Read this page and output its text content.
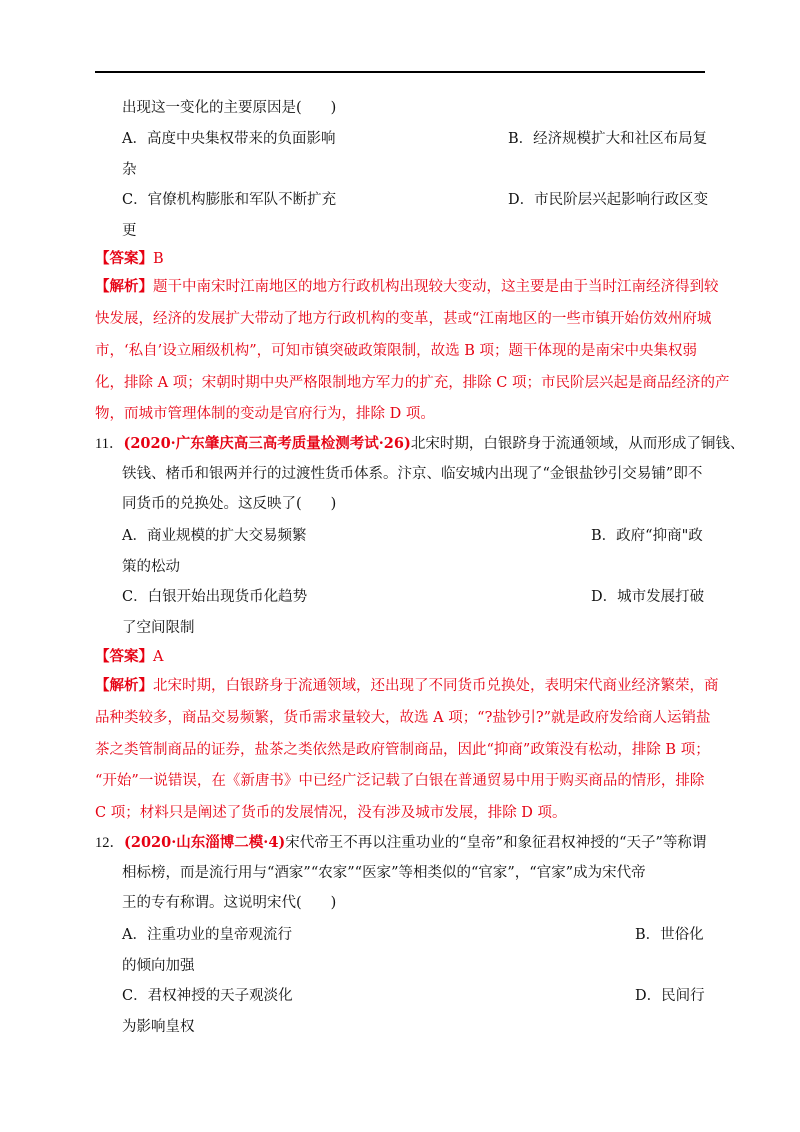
出现这一变化的主要原因是(　　)
A．高度中央集权带来的负面影响	B．经济规模扩大和社区布局复
杂
C．官僚机构膨胀和军队不断扩充	D．市民阶层兴起影响行政区变
更
【答案】B
【解析】题干中南宋时江南地区的地方行政机构出现较大变动，这主要是由于当时江南经济得到较
快发展，经济的发展扩大带动了地方行政机构的变革，甚或“江南地区的一些市镇开始仿效州府城
市，‘私自’设立厢级机构”，可知市镇突破政策限制，故选 B 项；题干体现的是南宋中央集权弱
化，排除 A 项；宋朝时期中央严格限制地方军力的扩充，排除 C 项；市民阶层兴起是商品经济的产
物，而城市管理体制的变动是官府行为，排除 D 项。
11．(2020·广东肇庆高三高考质量检测考试·26)北宋时期，白银跻身于流通领域，从而形成了铜钱、
铁钱、楮币和银两并行的过渡性货币体系。汴京、临安城内出现了“金银盐钞引交易铺”即不
同货币的兑换处。这反映了(　　)
A．商业规模的扩大交易频繁	B．政府“抑商"政
策的松动
C．白银开始出现货币化趋势	D．城市发展打破
了空间限制
【答案】A
【解析】北宋时期，白银跻身于流通领域，还出现了不同货币兑换处，表明宋代商业经济繁荣，商
品种类较多，商品交易频繁，货币需求量较大，故选 A 项；“?盐钞引?”就是政府发给商人运销盐
茶之类管制商品的证券，盐茶之类依然是政府管制商品，因此“抑商”政策没有松动，排除 B 项；
“开始”一说错误，在《新唐书》中已经广泛记载了白银在普通贸易中用于购买商品的情形，排除
C 项；材料只是阐述了货币的发展情况，没有涉及城市发展，排除 D 项。
12．(2020·山东淄博二模·4)宋代帝王不再以注重功业的“皇帝”和象征君权神授的“天子”等称谓
相标榜，而是流行用与“酒家”“农家”“医家”等相类似的“官家”，“官家”成为宋代帝
王的专有称谓。这说明宋代(　　)
A．注重功业的皇帝观流行	B．世俗化
的倾向加强
C．君权神授的天子观淡化	D．民间行
为影响皇权
